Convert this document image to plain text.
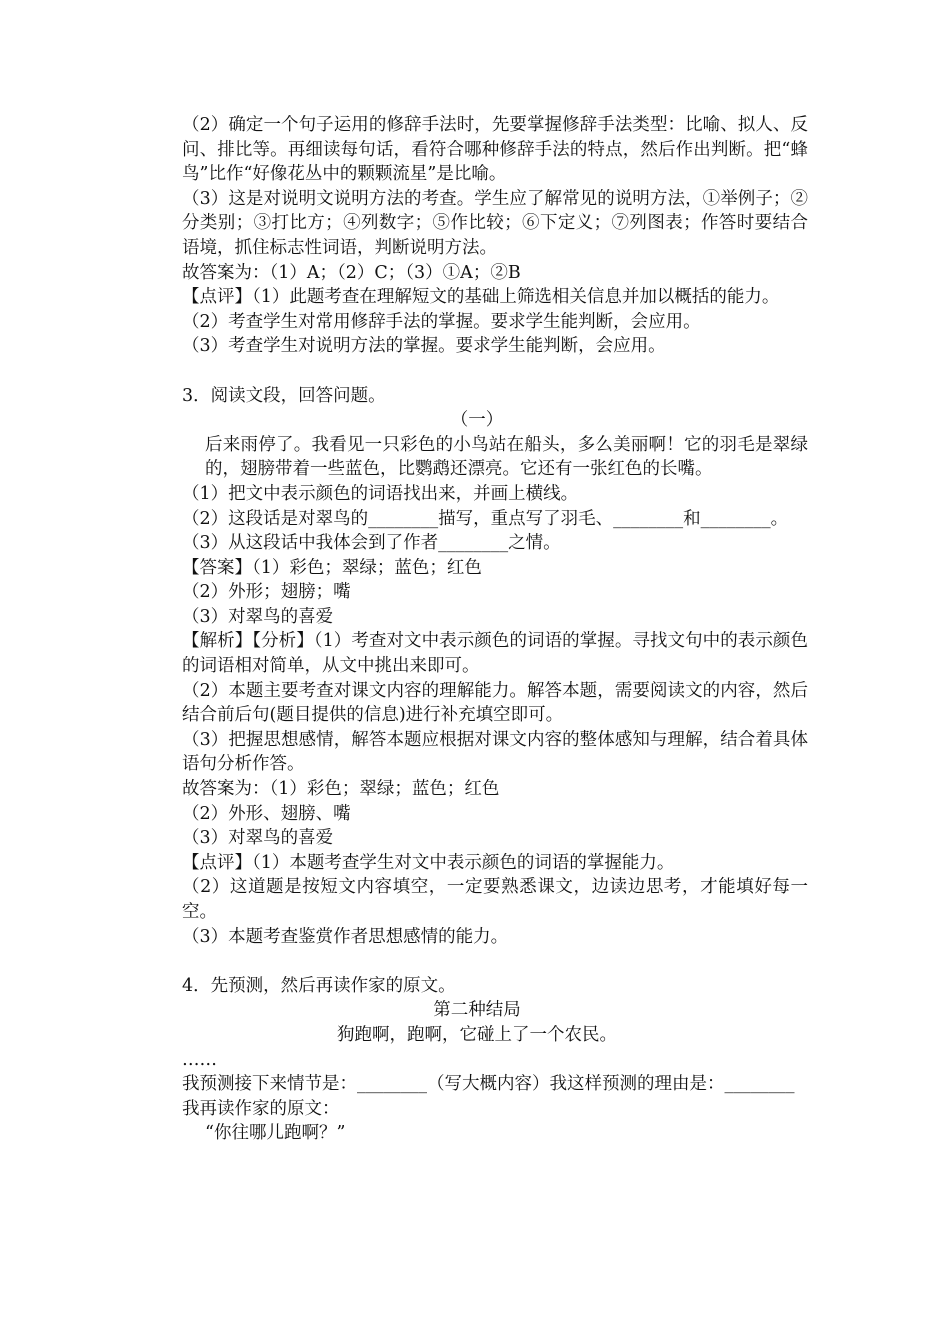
（2）确定一个句子运用的修辞手法时，先要掌握修辞手法类型：比喻、拟人、反问、排比等。再细读每句话，看符合哪种修辞手法的特点，然后作出判断。把“蜂鸟”比作“好像花丛中的颗颗流星”是比喻。

（3）这是对说明文说明方法的考查。学生应了解常见的说明方法，①举例子；②分类别；③打比方；④列数字；⑤作比较；⑥下定义；⑦列图表；作答时要结合语境，抓住标志性词语，判断说明方法。

故答案为：（1）A；（2）C；（3）①A；②B

【点评】（1）此题考查在理解短文的基础上筛选相关信息并加以概括的能力。

（2）考查学生对常用修辞手法的掌握。要求学生能判断，会应用。

（3）考查学生对说明方法的掌握。要求学生能判断，会应用。

3．阅读文段，回答问题。

（一）

后来雨停了。我看见一只彩色的小鸟站在船头，多么美丽啊！它的羽毛是翠绿的，翅膀带着一些蓝色，比鹦鹉还漂亮。它还有一张红色的长嘴。

（1）把文中表示颜色的词语找出来，并画上横线。

（2）这段话是对翠鸟的________描写，重点写了羽毛、________和________。

（3）从这段话中我体会到了作者________之情。

【答案】（1）彩色；翠绿；蓝色；红色

（2）外形；翅膀；嘴

（3）对翠鸟的喜爱

【解析】【分析】（1）考查对文中表示颜色的词语的掌握。寻找文句中的表示颜色的词语相对简单，从文中挑出来即可。

（2）本题主要考查对课文内容的理解能力。解答本题，需要阅读文的内容，然后结合前后句(题目提供的信息)进行补充填空即可。

（3）把握思想感情，解答本题应根据对课文内容的整体感知与理解，结合着具体语句分析作答。

故答案为：（1）彩色；翠绿；蓝色；红色

（2）外形、翅膀、嘴

（3）对翠鸟的喜爱

【点评】（1）本题考查学生对文中表示颜色的词语的掌握能力。

（2）这道题是按短文内容填空，一定要熟悉课文，边读边思考，才能填好每一空。

（3）本题考查鉴赏作者思想感情的能力。

4．先预测，然后再读作家的原文。

第二种结局

狗跑啊，跑啊，它碰上了一个农民。

……

我预测接下来情节是：________（写大概内容）我这样预测的理由是：________

我再读作家的原文：

“你往哪儿跑啊？”
